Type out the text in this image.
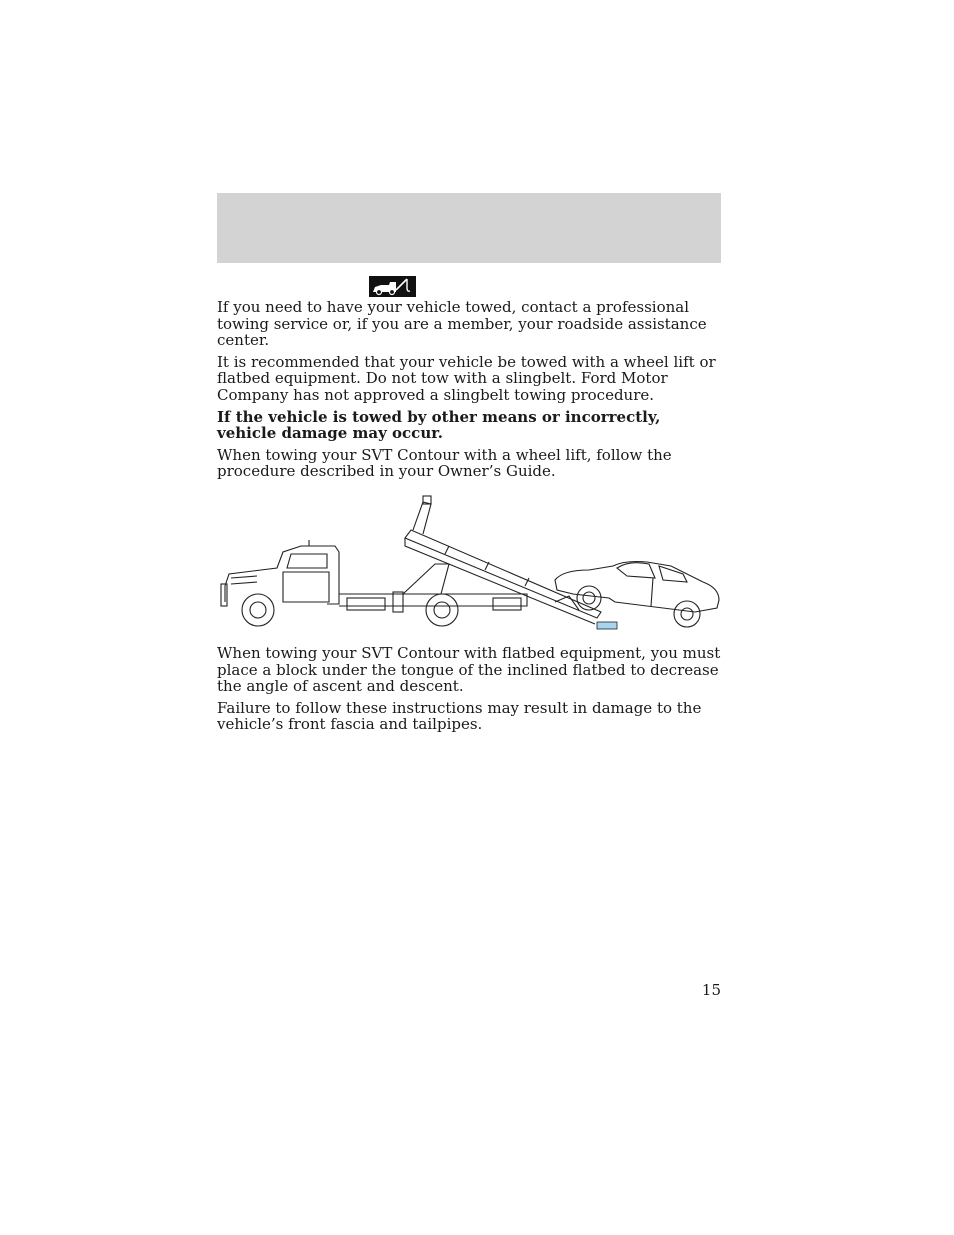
If you need to have your vehicle towed, contact a professional towing service or, if you are a member, your roadside assistance center.

It is recommended that your vehicle be towed with a wheel lift or flatbed equipment. Do not tow with a slingbelt. Ford Motor Company has not approved a slingbelt towing procedure.

If the vehicle is towed by other means or incorrectly, vehicle damage may occur.

When towing your SVT Contour with a wheel lift, follow the procedure described in your Owner’s Guide.

When towing your SVT Contour with flatbed equipment, you must place a block under the tongue of the inclined flatbed to decrease the angle of ascent and descent.

Failure to follow these instructions may result in damage to the vehicle’s front fascia and tailpipes.

15
